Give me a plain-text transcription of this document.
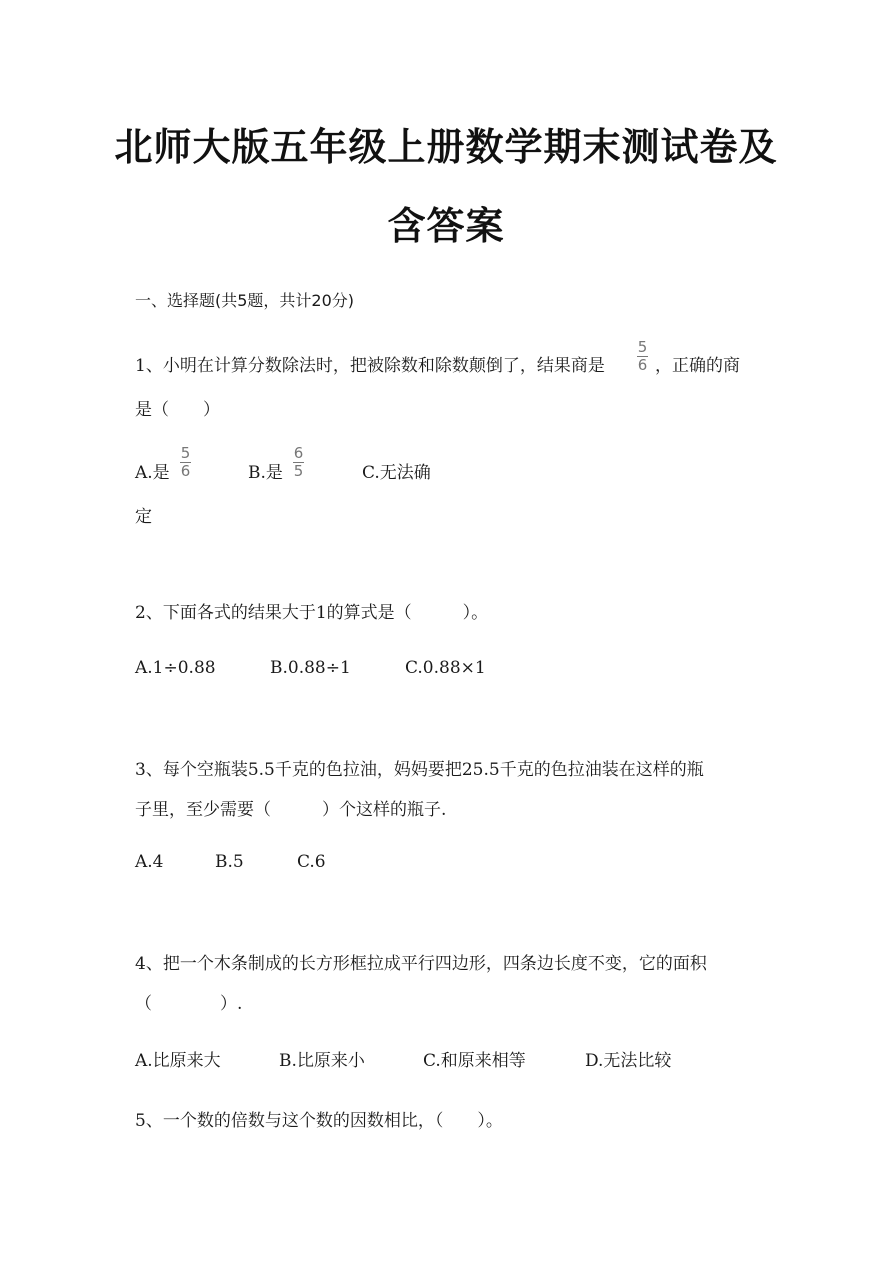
北师大版五年级上册数学期末测试卷及
含答案
一、选择题(共5题，共计20分)
1、小明在计算分数除法时，把被除数和除数颠倒了，结果商是
5
6 ，正确的商
是（　　）
A.是
5
6	B.是
6
5	C.无法确
定
2、下面各式的结果大于1的算式是（　　　）。
A.1÷0.88	B.0.88÷1	C.0.88×1
3、每个空瓶装5.5千克的色拉油，妈妈要把25.5千克的色拉油装在这样的瓶
子里，至少需要（　　　）个这样的瓶子.
A.4	B.5	C.6
4、把一个木条制成的长方形框拉成平行四边形，四条边长度不变，它的面积
（　　　　）.
A.比原来大	B.比原来小	C.和原来相等	D.无法比较
5、一个数的倍数与这个数的因数相比，（　　）。
